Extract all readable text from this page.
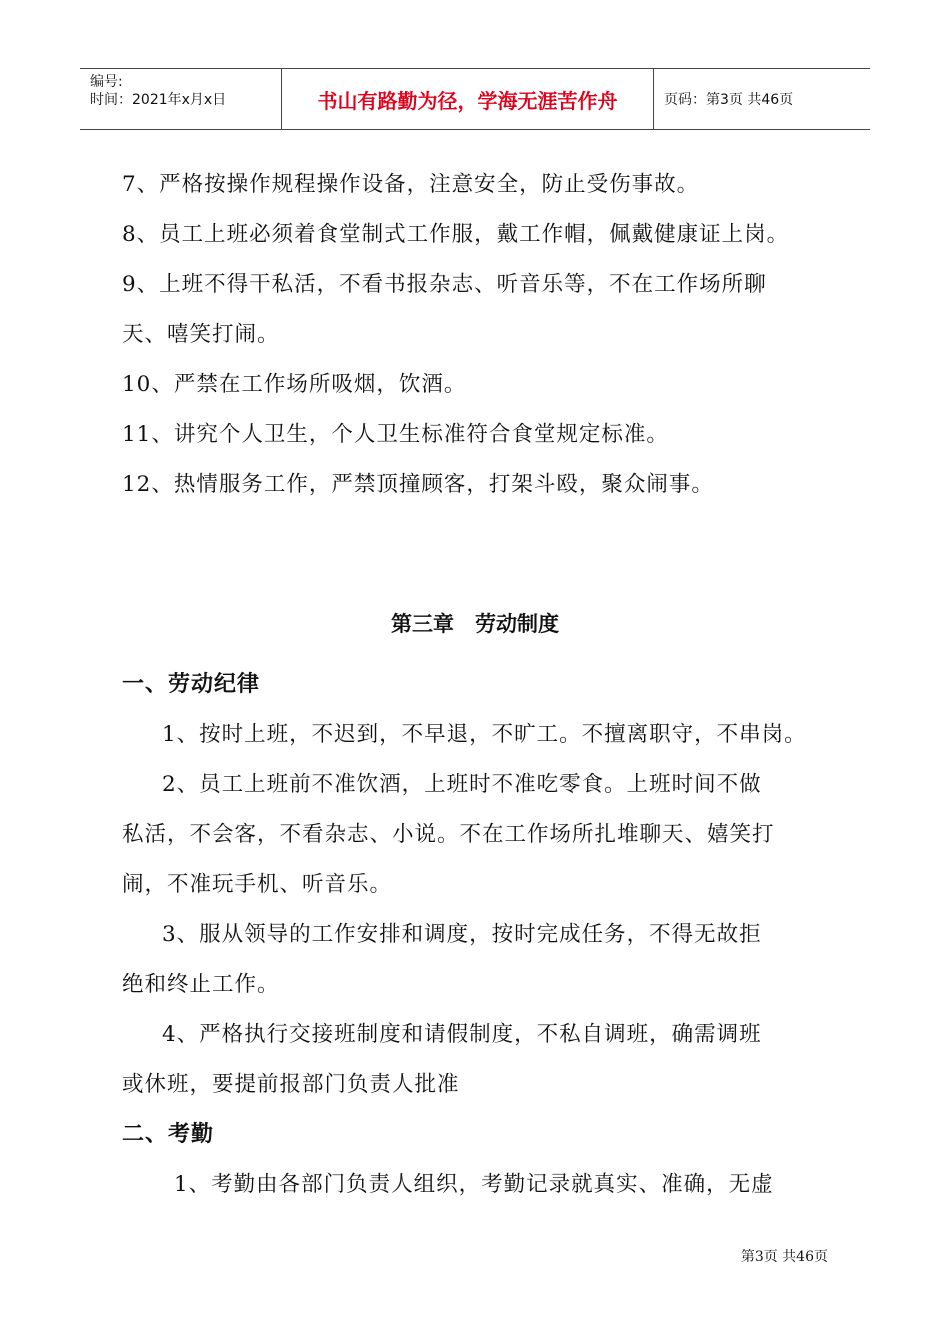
编号:
时间：2021年x月x日	书山有路勤为径，学海无涯苦作舟	页码：第3页 共46页

7、严格按操作规程操作设备，注意安全，防止受伤事故。

8、员工上班必须着食堂制式工作服，戴工作帽，佩戴健康证上岗。

9、上班不得干私活，不看书报杂志、听音乐等，不在工作场所聊

天、嘻笑打闹。

10、严禁在工作场所吸烟，饮酒。

11、讲究个人卫生，个人卫生标准符合食堂规定标准。

12、热情服务工作，严禁顶撞顾客，打架斗殴，聚众闹事。

第三章　劳动制度

一、劳动纪律

1、按时上班，不迟到，不早退，不旷工。不擅离职守，不串岗。

2、员工上班前不准饮酒，上班时不准吃零食。上班时间不做

私活，不会客，不看杂志、小说。不在工作场所扎堆聊天、嬉笑打

闹，不准玩手机、听音乐。

3、服从领导的工作安排和调度，按时完成任务，不得无故拒

绝和终止工作。

4、严格执行交接班制度和请假制度，不私自调班，确需调班

或休班，要提前报部门负责人批准

二、考勤

1、考勤由各部门负责人组织，考勤记录就真实、准确，无虚

第3页 共46页
